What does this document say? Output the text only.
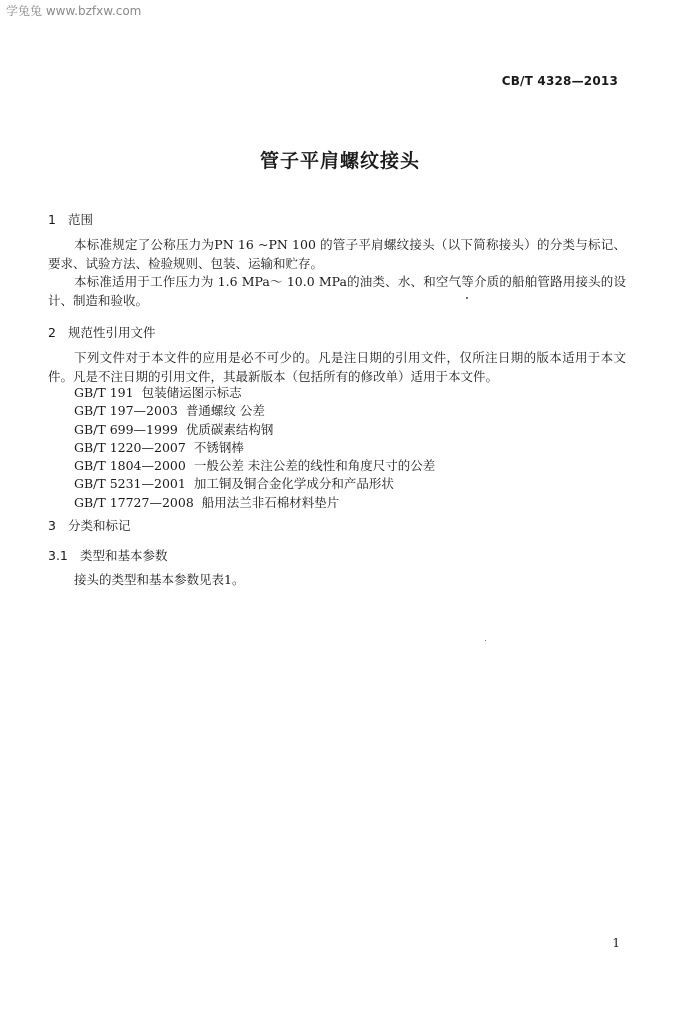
学兔兔 www.bzfxw.com
CB/T 4328—2013
管子平肩螺纹接头
1 范围
本标准规定了公称压力为PN 16 ~PN 100 的管子平肩螺纹接头（以下简称接头）的分类与标记、要求、试验方法、检验规则、包装、运输和贮存。
本标准适用于工作压力为 1.6 MPa～ 10.0 MPa的油类、水、和空气等介质的船舶管路用接头的设计、制造和验收。
2 规范性引用文件
下列文件对于本文件的应用是必不可少的。凡是注日期的引用文件，仅所注日期的版本适用于本文件。凡是不注日期的引用文件，其最新版本（包括所有的修改单）适用于本文件。
GB/T 191 包装储运图示标志
GB/T 197—2003 普通螺纹 公差
GB/T 699—1999 优质碳素结构钢
GB/T 1220—2007 不锈钢棒
GB/T 1804—2000 一般公差 未注公差的线性和角度尺寸的公差
GB/T 5231—2001 加工铜及铜合金化学成分和产品形状
GB/T 17727—2008 船用法兰非石棉材料垫片
3 分类和标记
3.1 类型和基本参数
接头的类型和基本参数见表1。
1
